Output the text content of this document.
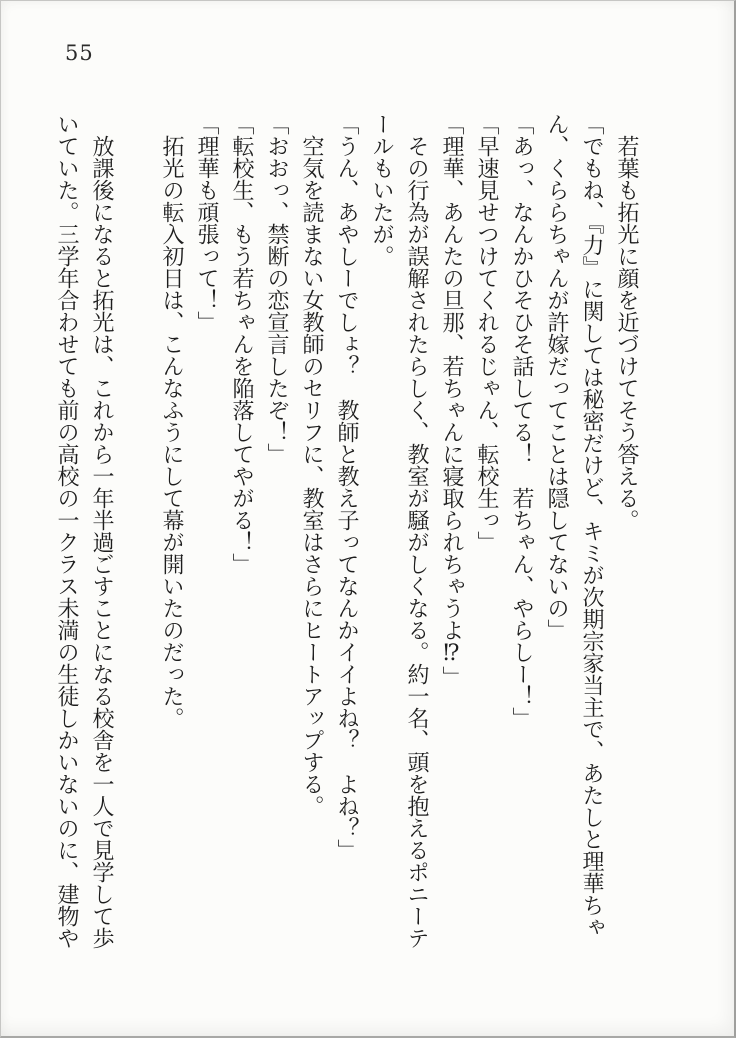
55

　若葉も拓光に顔を近づけてそう答える。

「でもね、『力』に関しては秘密だけど、キミが次期宗家当主で、あたしと理華ちゃ

ん、くららちゃんが許嫁だってことは隠してないの」

「あっ、なんかひそひそ話してる！　若ちゃん、やらしー！」

「早速見せつけてくれるじゃん、転校生っ」

「理華、あんたの旦那、若ちゃんに寝取られちゃうよ⁉」

　その行為が誤解されたらしく、教室が騒がしくなる。約一名、頭を抱えるポニーテ

ールもいたが。

「うん、あやしーでしょ？　教師と教え子ってなんかイイよね？　よね？」

　空気を読まない女教師のセリフに、教室はさらにヒートアップする。

「おおっ、禁断の恋宣言したぞ！」

「転校生、もう若ちゃんを陥落してやがる！」

「理華も頑張って！」

　拓光の転入初日は、こんなふうにして幕が開いたのだった。

　放課後になると拓光は、これから一年半過ごすことになる校舎を一人で見学して歩

いていた。三学年合わせても前の高校の一クラス未満の生徒しかいないのに、建物や
